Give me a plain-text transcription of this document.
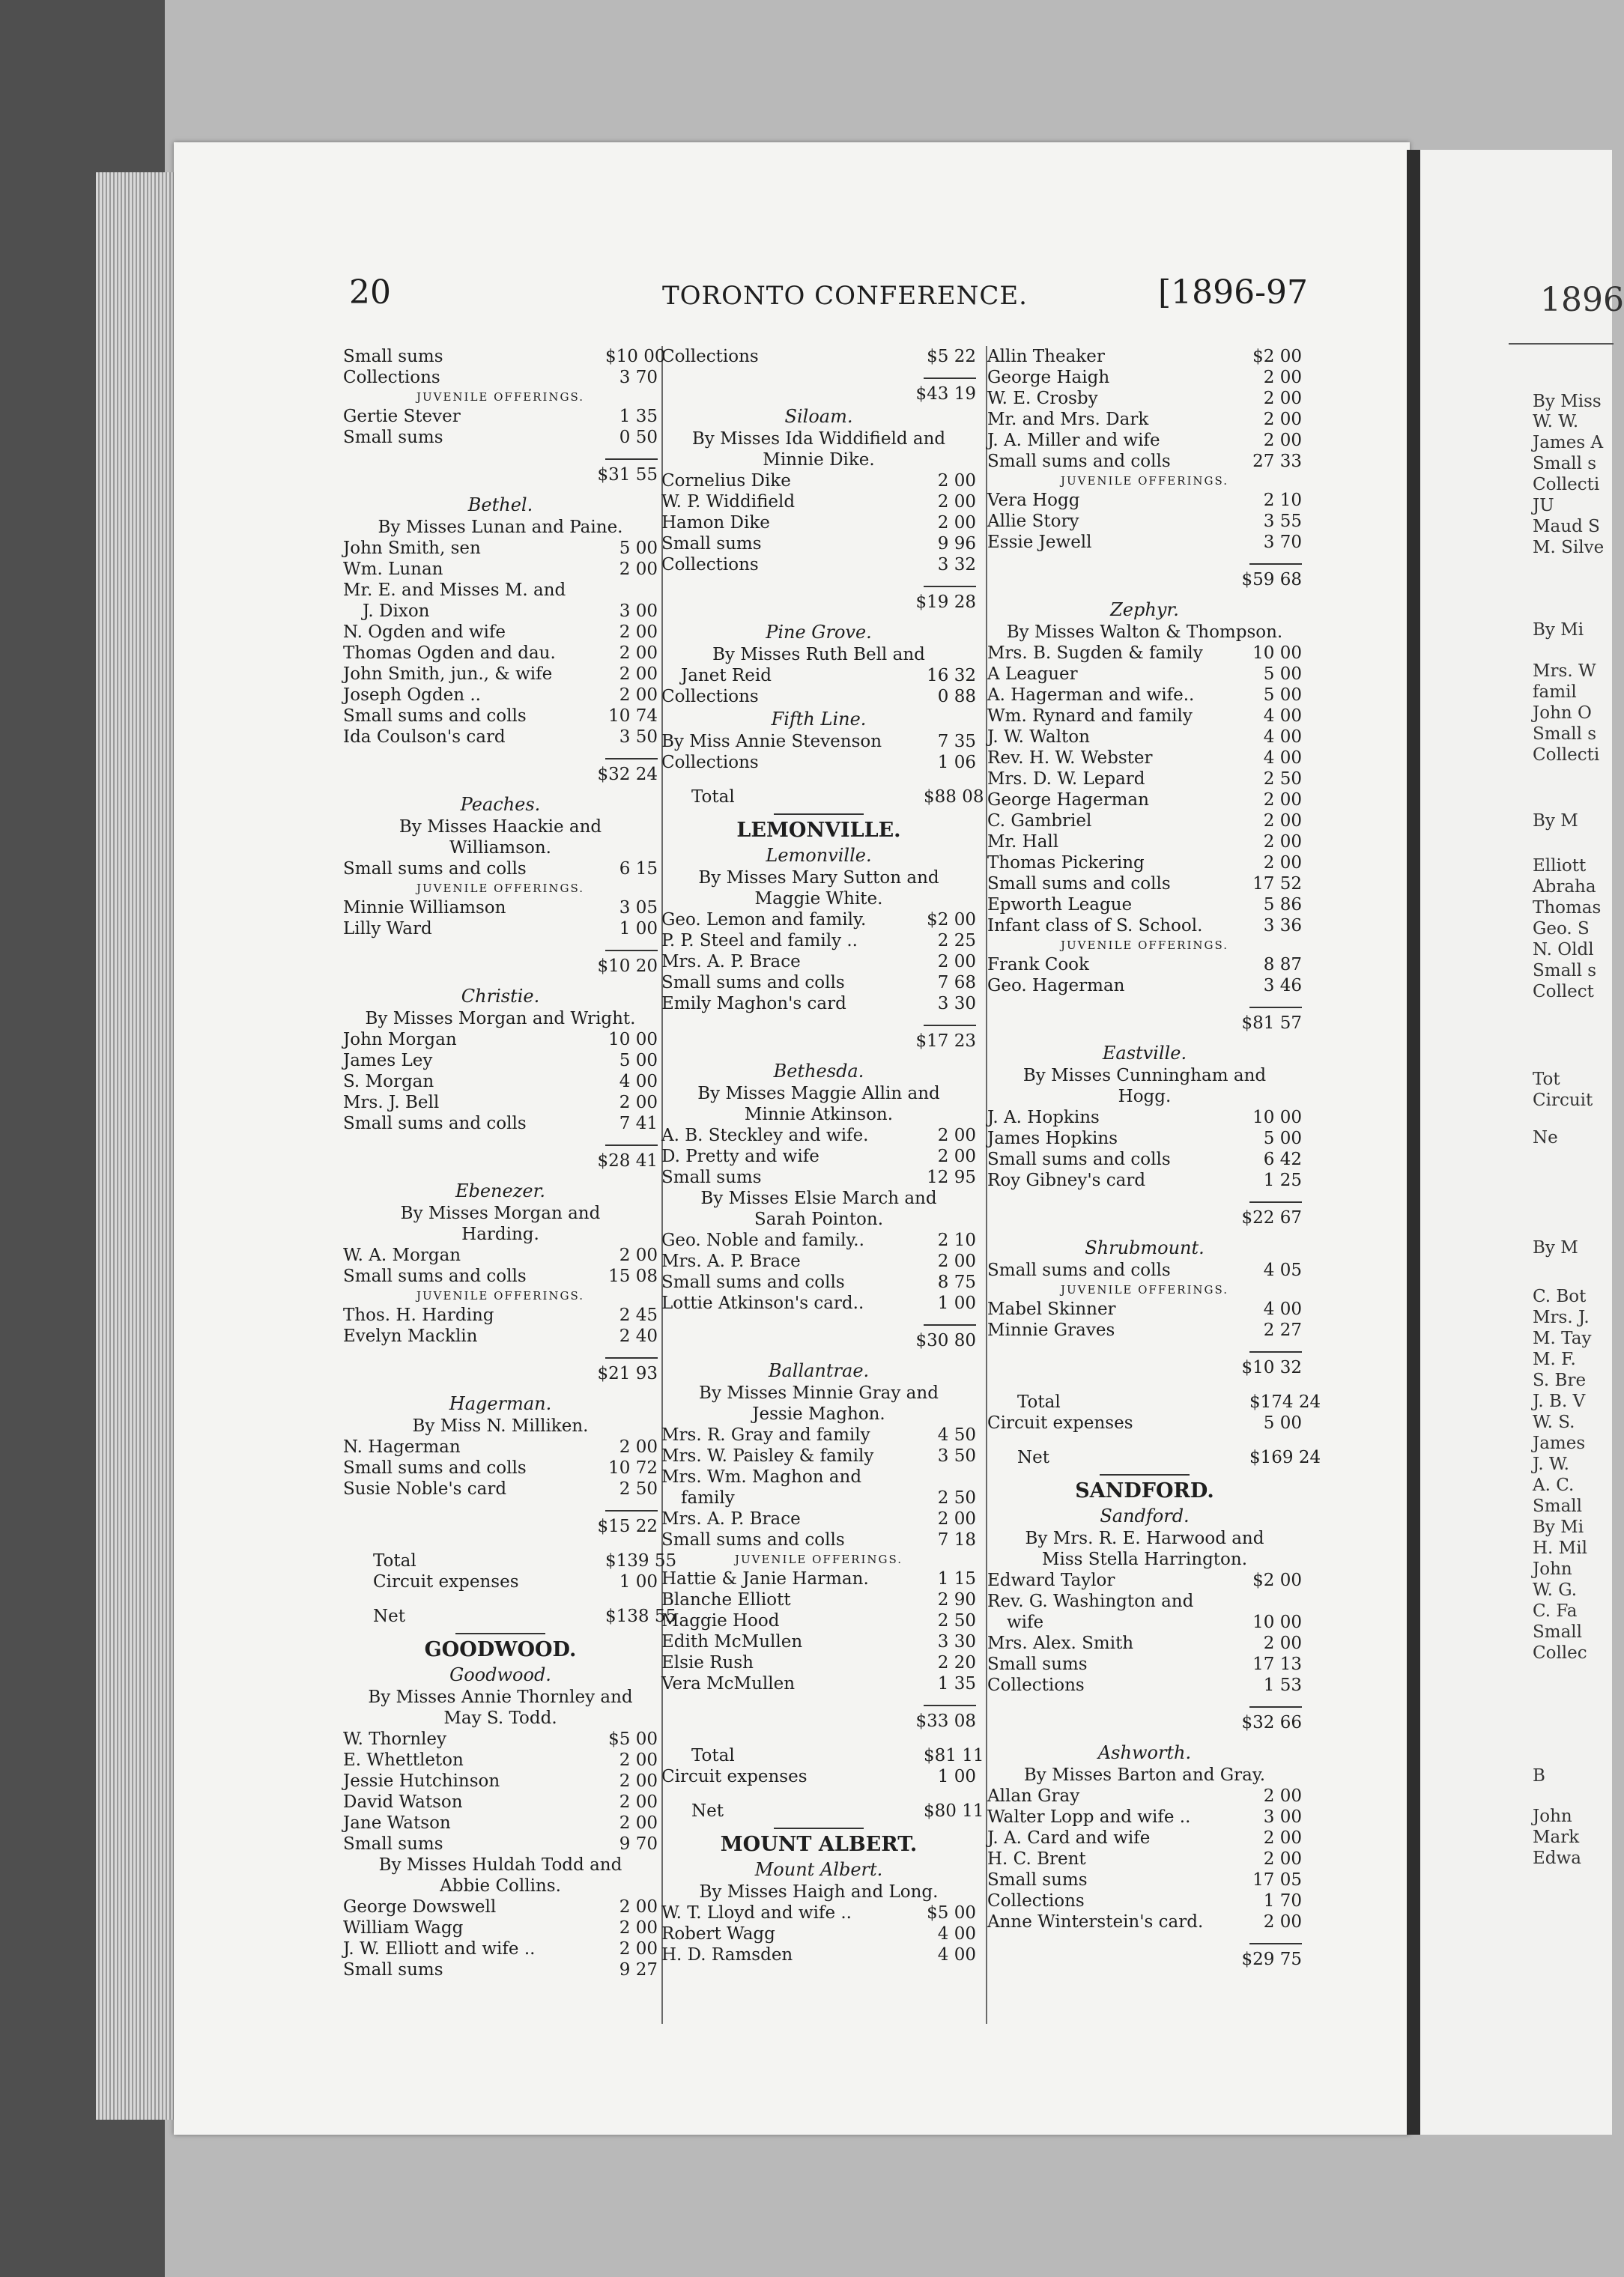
1896
By Miss
W. W.
James A
Small s
Collecti
JU
Maud S
M. Silve
By Mi
Mrs. W
famil
John O
Small s
Collecti
By M
Elliott
Abraha
Thomas
Geo. S
N. Oldl
Small s
Collect
Tot
Circuit
Ne
By M
C. Bot
Mrs. J.
M. Tay
M. F.
S. Bre
J. B. V
W. S.
James
J. W.
A. C.
Small
By Mi
H. Mil
John
W. G.
C. Fa
Small
Collec
B
John
Mark
Edwa
20	TORONTO CONFERENCE.	[1896-97
Small sums	$10 00
Collections	3 70
JUVENILE OFFERINGS.
Gertie Stever	1 35
Small sums	0 50
$31 55
Bethel.
By Misses Lunan and Paine.
John Smith, sen	5 00
Wm. Lunan	2 00
Mr. E. and Misses M. and
J. Dixon	3 00
N. Ogden and wife	2 00
Thomas Ogden and dau.	2 00
John Smith, jun., & wife	2 00
Joseph Ogden ..	2 00
Small sums and colls	10 74
Ida Coulson's card	3 50
$32 24
Peaches.
By Misses Haackie and
Williamson.
Small sums and colls	6 15
JUVENILE OFFERINGS.
Minnie Williamson	3 05
Lilly Ward	1 00
$10 20
Christie.
By Misses Morgan and Wright.
John Morgan	10 00
James Ley	5 00
S. Morgan	4 00
Mrs. J. Bell	2 00
Small sums and colls	7 41
$28 41
Ebenezer.
By Misses Morgan and
Harding.
W. A. Morgan	2 00
Small sums and colls	15 08
JUVENILE OFFERINGS.
Thos. H. Harding	2 45
Evelyn Macklin	2 40
$21 93
Hagerman.
By Miss N. Milliken.
N. Hagerman	2 00
Small sums and colls	10 72
Susie Noble's card	2 50
$15 22
Total	$139 55
Circuit expenses	1 00
Net	$138 55
GOODWOOD.
Goodwood.
By Misses Annie Thornley and
May S. Todd.
W. Thornley	$5 00
E. Whettleton	2 00
Jessie Hutchinson	2 00
David Watson	2 00
Jane Watson	2 00
Small sums	9 70
By Misses Huldah Todd and
Abbie Collins.
George Dowswell	2 00
William Wagg	2 00
J. W. Elliott and wife ..	2 00
Small sums	9 27
Collections	$5 22
$43 19
Siloam.
By Misses Ida Widdifield and
Minnie Dike.
Cornelius Dike	2 00
W. P. Widdifield	2 00
Hamon Dike	2 00
Small sums	9 96
Collections	3 32
$19 28
Pine Grove.
By Misses Ruth Bell and
Janet Reid	16 32
Collections	0 88
Fifth Line.
By Miss Annie Stevenson	7 35
Collections	1 06
Total	$88 08
LEMONVILLE.
Lemonville.
By Misses Mary Sutton and
Maggie White.
Geo. Lemon and family.	$2 00
P. P. Steel and family ..	2 25
Mrs. A. P. Brace	2 00
Small sums and colls	7 68
Emily Maghon's card	3 30
$17 23
Bethesda.
By Misses Maggie Allin and
Minnie Atkinson.
A. B. Steckley and wife.	2 00
D. Pretty and wife	2 00
Small sums	12 95
By Misses Elsie March and
Sarah Pointon.
Geo. Noble and family..	2 10
Mrs. A. P. Brace	2 00
Small sums and colls	8 75
Lottie Atkinson's card..	1 00
$30 80
Ballantrae.
By Misses Minnie Gray and
Jessie Maghon.
Mrs. R. Gray and family	4 50
Mrs. W. Paisley & family	3 50
Mrs. Wm. Maghon and
family	2 50
Mrs. A. P. Brace	2 00
Small sums and colls	7 18
JUVENILE OFFERINGS.
Hattie & Janie Harman.	1 15
Blanche Elliott	2 90
Maggie Hood	2 50
Edith McMullen	3 30
Elsie Rush	2 20
Vera McMullen	1 35
$33 08
Total	$81 11
Circuit expenses	1 00
Net	$80 11
MOUNT ALBERT.
Mount Albert.
By Misses Haigh and Long.
W. T. Lloyd and wife ..	$5 00
Robert Wagg	4 00
H. D. Ramsden	4 00
Allin Theaker	$2 00
George Haigh	2 00
W. E. Crosby	2 00
Mr. and Mrs. Dark	2 00
J. A. Miller and wife	2 00
Small sums and colls	27 33
JUVENILE OFFERINGS.
Vera Hogg	2 10
Allie Story	3 55
Essie Jewell	3 70
$59 68
Zephyr.
By Misses Walton & Thompson.
Mrs. B. Sugden & family	10 00
A Leaguer	5 00
A. Hagerman and wife..	5 00
Wm. Rynard and family	4 00
J. W. Walton	4 00
Rev. H. W. Webster	4 00
Mrs. D. W. Lepard	2 50
George Hagerman	2 00
C. Gambriel	2 00
Mr. Hall	2 00
Thomas Pickering	2 00
Small sums and colls	17 52
Epworth League	5 86
Infant class of S. School.	3 36
JUVENILE OFFERINGS.
Frank Cook	8 87
Geo. Hagerman	3 46
$81 57
Eastville.
By Misses Cunningham and
Hogg.
J. A. Hopkins	10 00
James Hopkins	5 00
Small sums and colls	6 42
Roy Gibney's card	1 25
$22 67
Shrubmount.
Small sums and colls	4 05
JUVENILE OFFERINGS.
Mabel Skinner	4 00
Minnie Graves	2 27
$10 32
Total	$174 24
Circuit expenses	5 00
Net	$169 24
SANDFORD.
Sandford.
By Mrs. R. E. Harwood and
Miss Stella Harrington.
Edward Taylor	$2 00
Rev. G. Washington and
wife	10 00
Mrs. Alex. Smith	2 00
Small sums	17 13
Collections	1 53
$32 66
Ashworth.
By Misses Barton and Gray.
Allan Gray	2 00
Walter Lopp and wife ..	3 00
J. A. Card and wife	2 00
H. C. Brent	2 00
Small sums	17 05
Collections	1 70
Anne Winterstein's card.	2 00
$29 75
